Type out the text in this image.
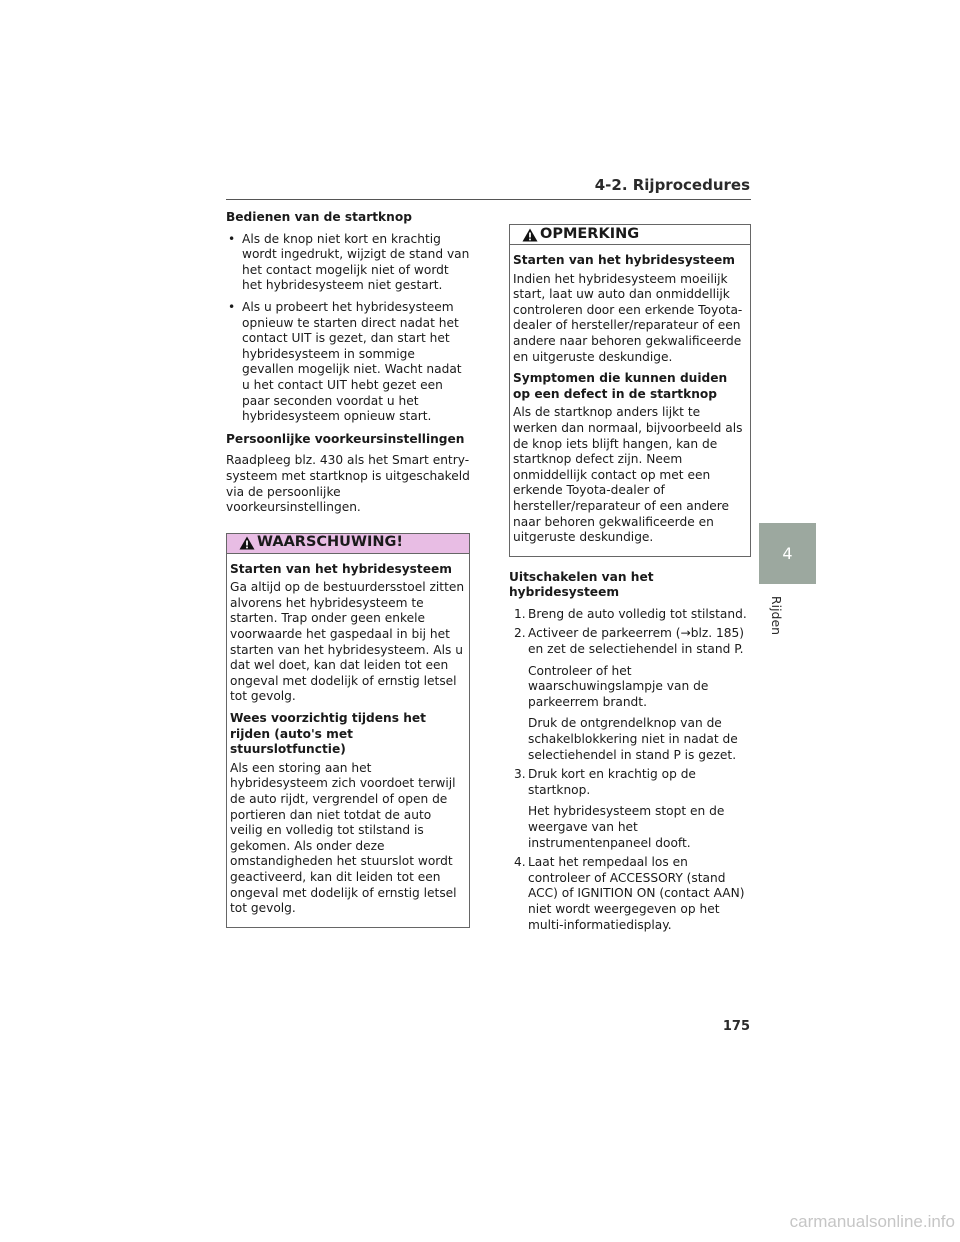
4-2. Rijprocedures

Bedienen van de startknop

• Als de knop niet kort en krachtig wordt ingedrukt, wijzigt de stand van het contact mogelijk niet of wordt het hybridesysteem niet gestart.
• Als u probeert het hybridesysteem opnieuw te starten direct nadat het contact UIT is gezet, dan start het hybridesysteem in sommige gevallen mogelijk niet. Wacht nadat u het contact UIT hebt gezet een paar seconden voordat u het hybridesysteem opnieuw start.

Persoonlijke voorkeursinstellingen

Raadpleeg blz. 430 als het Smart entry-systeem met startknop is uitgeschakeld via de persoonlijke voorkeursinstellingen.

WAARSCHUWING!

Starten van het hybridesysteem

Ga altijd op de bestuurdersstoel zitten alvorens het hybridesysteem te starten. Trap onder geen enkele voorwaarde het gaspedaal in bij het starten van het hybridesysteem. Als u dat wel doet, kan dat leiden tot een ongeval met dodelijk of ernstig letsel tot gevolg.

Wees voorzichtig tijdens het rijden (auto's met stuurslotfunctie)

Als een storing aan het hybridesysteem zich voordoet terwijl de auto rijdt, vergrendel of open de portieren dan niet totdat de auto veilig en volledig tot stilstand is gekomen. Als onder deze omstandigheden het stuurslot wordt geactiveerd, kan dit leiden tot een ongeval met dodelijk of ernstig letsel tot gevolg.

OPMERKING

Starten van het hybridesysteem

Indien het hybridesysteem moeilijk start, laat uw auto dan onmiddellijk controleren door een erkende Toyota-dealer of hersteller/reparateur of een andere naar behoren gekwalificeerde en uitgeruste deskundige.

Symptomen die kunnen duiden op een defect in de startknop

Als de startknop anders lijkt te werken dan normaal, bijvoorbeeld als de knop iets blijft hangen, kan de startknop defect zijn. Neem onmiddellijk contact op met een erkende Toyota-dealer of hersteller/reparateur of een andere naar behoren gekwalificeerde en uitgeruste deskundige.

Uitschakelen van het hybridesysteem

1. Breng de auto volledig tot stilstand.

2. Activeer de parkeerrem (→blz. 185) en zet de selectiehendel in stand P.

Controleer of het waarschuwingslampje van de parkeerrem brandt.

Druk de ontgrendelknop van de schakelblokkering niet in nadat de selectiehendel in stand P is gezet.

3. Druk kort en krachtig op de startknop.

Het hybridesysteem stopt en de weergave van het instrumentenpaneel dooft.

4. Laat het rempedaal los en controleer of ACCESSORY (stand ACC) of IGNITION ON (contact AAN) niet wordt weergegeven op het multi-informatiedisplay.

4
Rijden
175
carmanualsonline.info
